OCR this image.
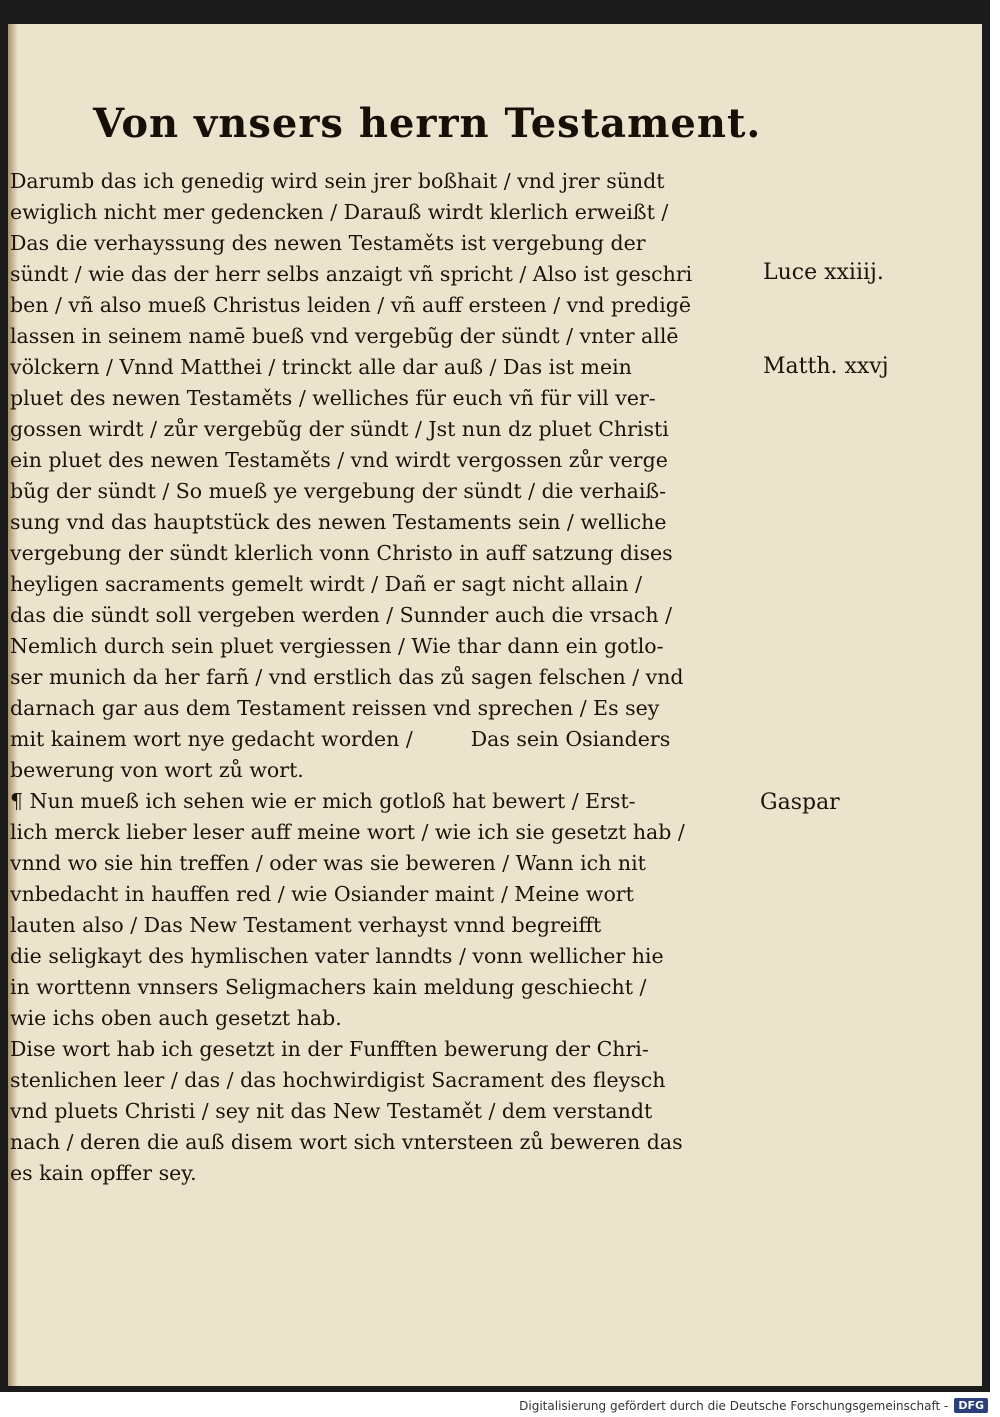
Von vnsers herrn Testament.
Darumb das ich genedig wird sein jrer boßhait / vnd jrer sündt
ewiglich nicht mer gedencken / Darauß wirdt klerlich erweißt /
Das die verhayssung des newen Testaměts ist vergebung der
sündt / wie das der herr selbs anzaigt vñ spricht / Also ist geschri
ben / vñ also mueß Christus leiden / vñ auff ersteen / vnd predigē
lassen in seinem namē bueß vnd vergebũg der sündt / vnter allē
völckern / Vnnd Matthei / trinckt alle dar auß / Das ist mein
pluet des newen Testaměts / welliches für euch vñ für vill ver-
gossen wirdt / zůr vergebũg der sündt / Jst nun dz pluet Christi
ein pluet des newen Testaměts / vnd wirdt vergossen zůr verge
bũg der sündt / So mueß ye vergebung der sündt / die verhaiß-
sung vnd das hauptstück des newen Testaments sein / welliche
vergebung der sündt klerlich vonn Christo in auff satzung dises
heyligen sacraments gemelt wirdt / Dañ er sagt nicht allain /
das die sündt soll vergeben werden / Sunnder auch die vrsach /
Nemlich durch sein pluet vergiessen / Wie thar dann ein gotlo-
ser munich da her farñ / vnd erstlich das zů sagen felschen / vnd
darnach gar aus dem Testament reissen vnd sprechen / Es sey
mit kainem wort nye gedacht worden /	Das sein Osianders
bewerung von wort zů wort.
¶ Nun mueß ich sehen wie er mich gotloß hat bewert / Erst-
lich merck lieber leser auff meine wort / wie ich sie gesetzt hab /
vnnd wo sie hin treffen / oder was sie beweren / Wann ich nit
vnbedacht in hauffen red / wie Osiander maint / Meine wort
lauten also / Das New Testament verhayst vnnd begreifft
die seligkayt des hymlischen vater lanndts / vonn wellicher hie
in worttenn vnnsers Seligmachers kain meldung geschiecht /
wie ichs oben auch gesetzt hab.
Dise wort hab ich gesetzt in der Funfften bewerung der Chri-
stenlichen leer / das / das hochwirdigist Sacrament des fleysch
vnd pluets Christi / sey nit das New Testamět / dem verstandt
nach / deren die auß disem wort sich vntersteen zů beweren das
es kain opffer sey.
Luce xxiiij.
Matth. xxvj
Gaspar
Digitalisierung gefördert durch die Deutsche Forschungsgemeinschaft - DFG
